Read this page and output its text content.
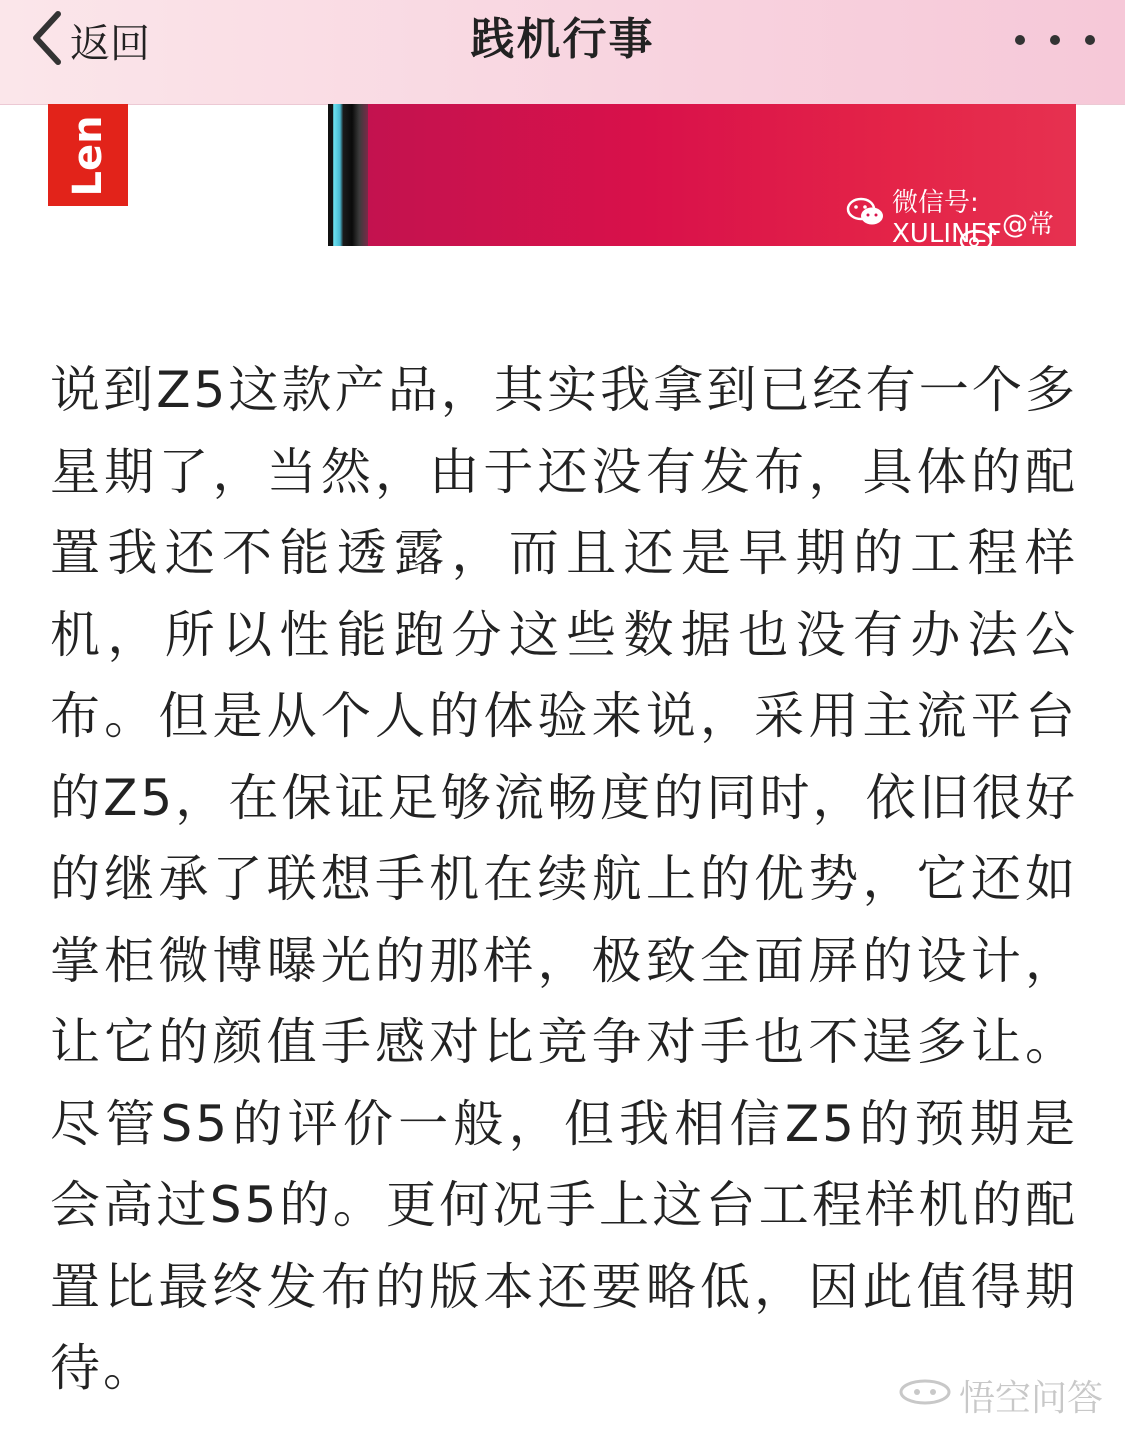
返回	践机行事
Len
微信号: XULINEF @常程

说到Z5这款产品，其实我拿到已经有一个多星期了，当然，由于还没有发布，具体的配置我还不能透露，而且还是早期的工程样机，所以性能跑分这些数据也没有办法公布。但是从个人的体验来说，采用主流平台的Z5，在保证足够流畅度的同时，依旧很好的继承了联想手机在续航上的优势，它还如掌柜微博曝光的那样，极致全面屏的设计，让它的颜值手感对比竞争对手也不逞多让。尽管S5的评价一般，但我相信Z5的预期是会高过S5的。更何况手上这台工程样机的配置比最终发布的版本还要略低，因此值得期待。

悟空问答
